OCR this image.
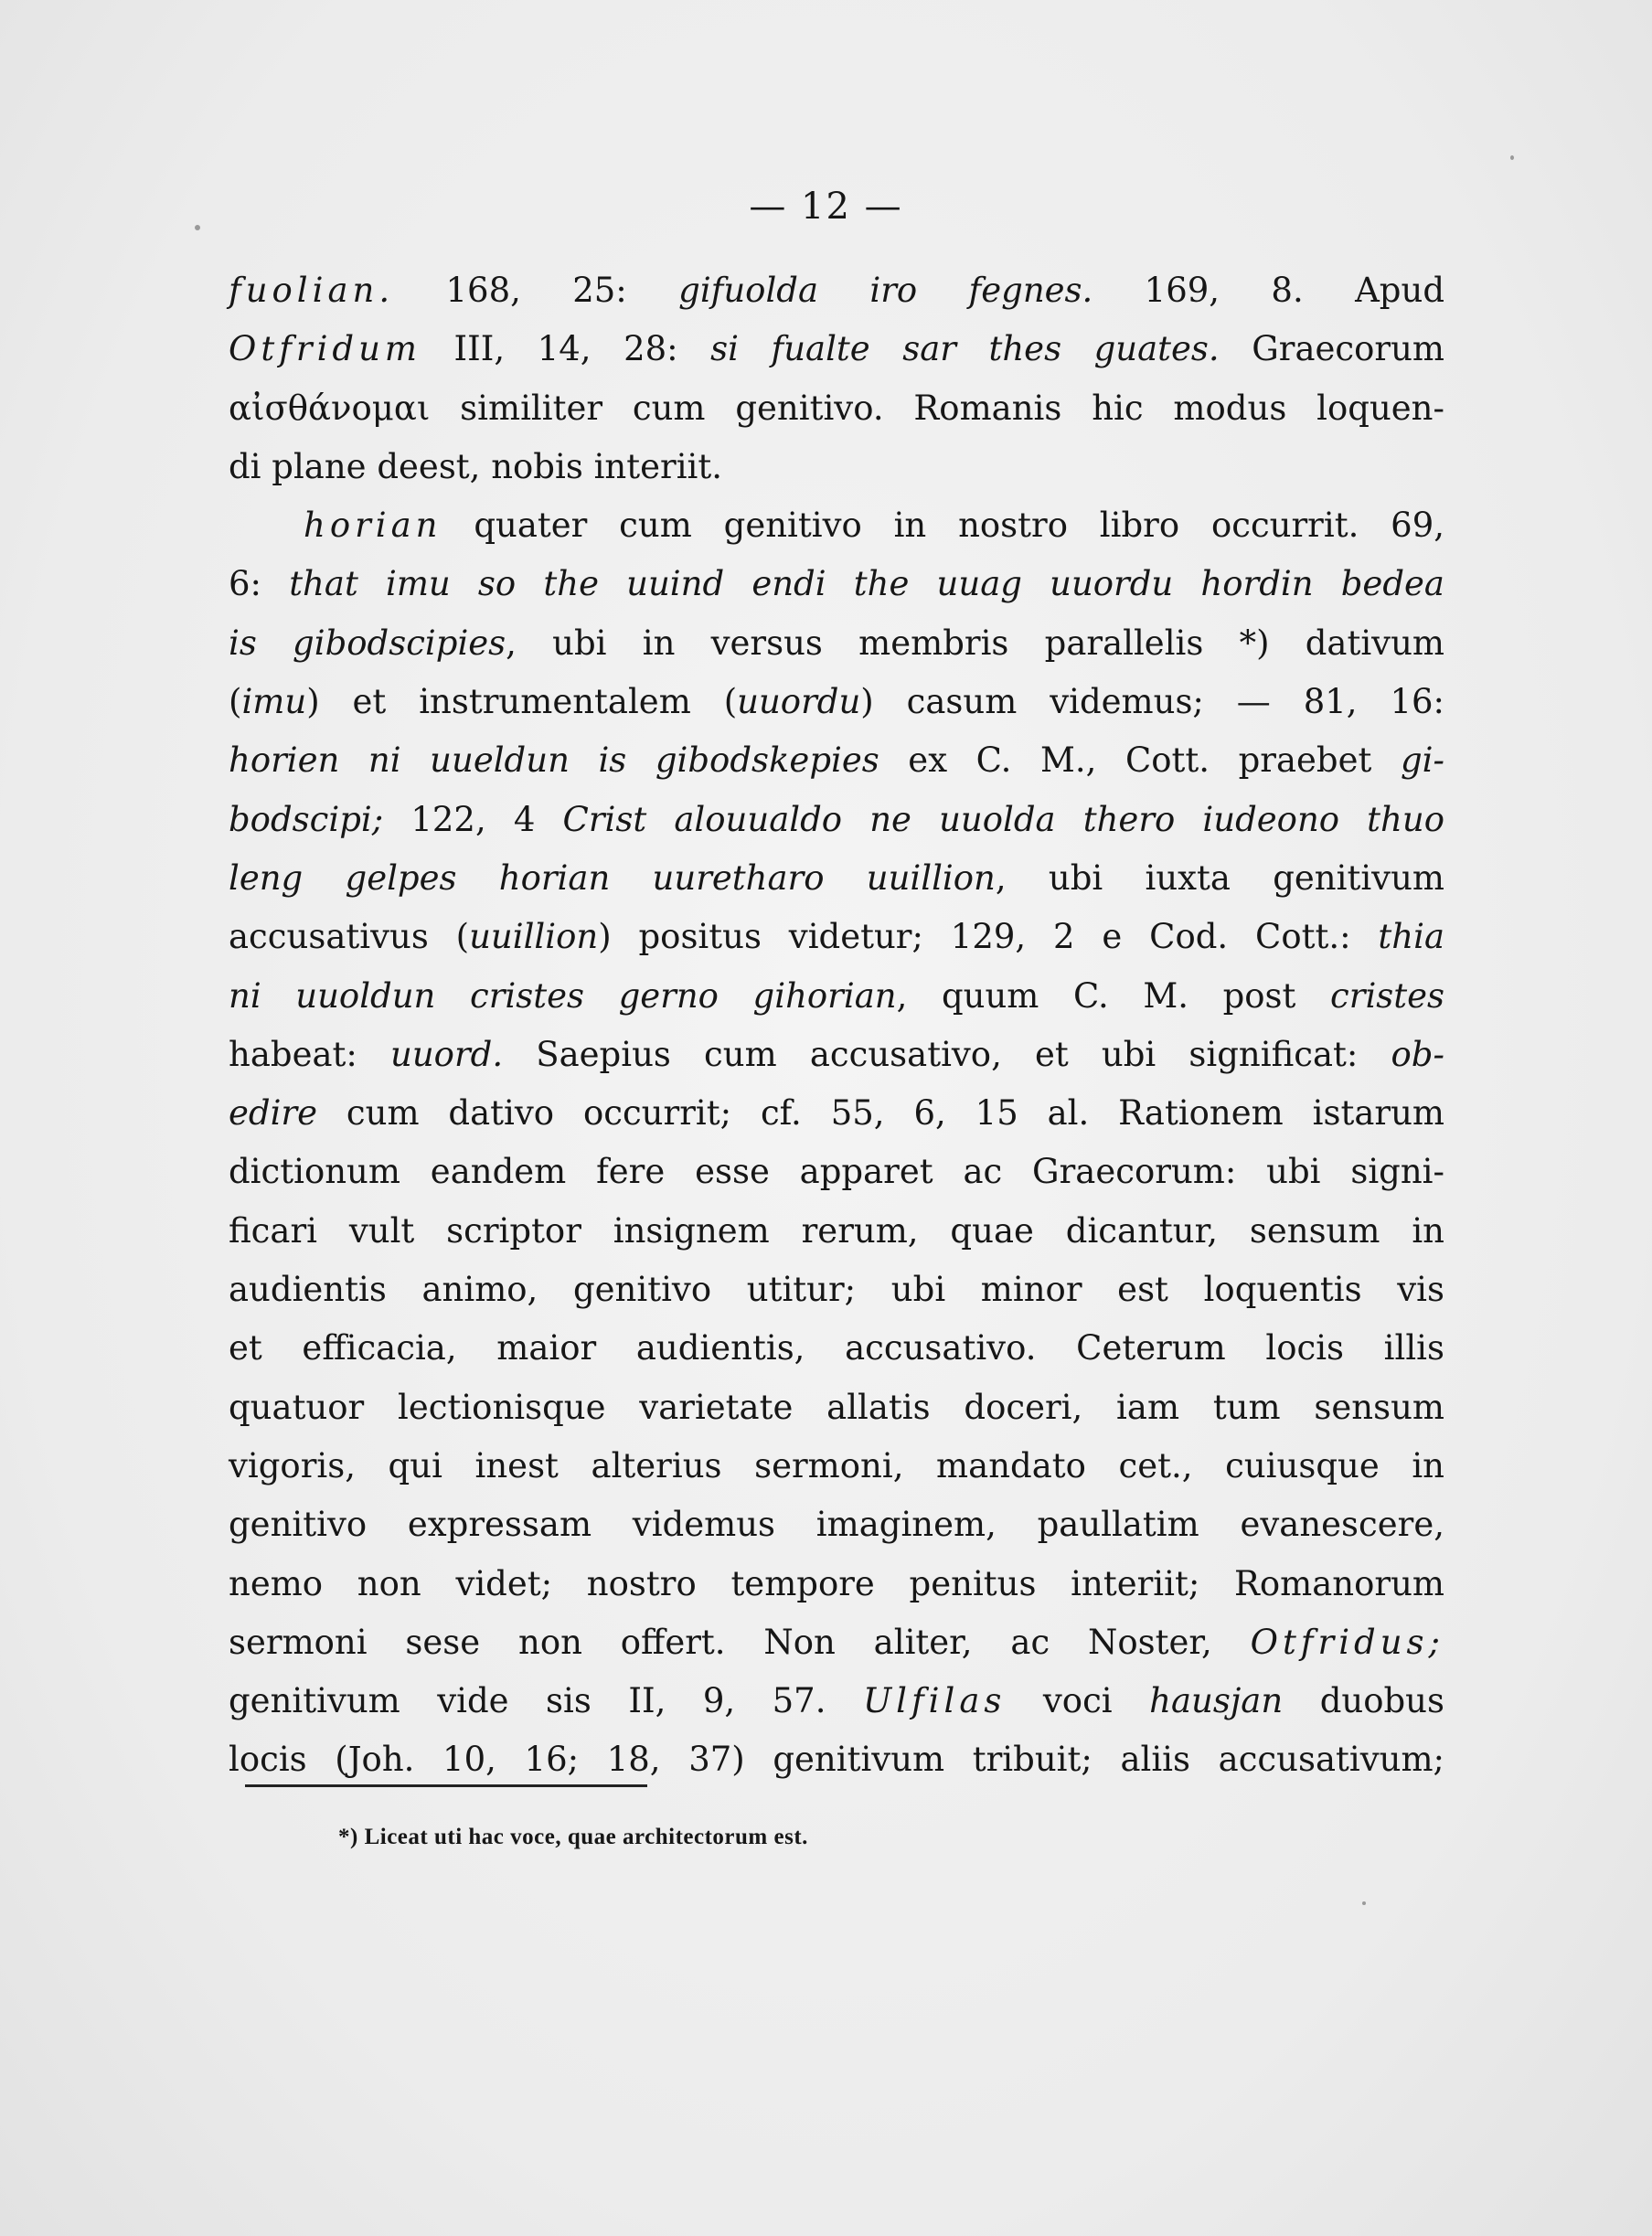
— 12 —
fuolian. 168, 25: gifuolda iro fegnes. 169, 8. Apud
Otfridum III, 14, 28: si fualte sar thes guates. Graecorum
αἰσθάνομαι similiter cum genitivo. Romanis hic modus loquen-
di plane deest, nobis interiit.
horian quater cum genitivo in nostro libro occurrit. 69,
6: that imu so the uuind endi the uuag uuordu hordin bedea
is gibodscipies, ubi in versus membris parallelis *) dativum
(imu) et instrumentalem (uuordu) casum videmus; — 81, 16:
horien ni uueldun is gibodskepies ex C. M., Cott. praebet gi-
bodscipi; 122, 4 Crist alouualdo ne uuolda thero iudeono thuo
leng gelpes horian uuretharo uuillion, ubi iuxta genitivum
accusativus (uuillion) positus videtur; 129, 2 e Cod. Cott.: thia
ni uuoldun cristes gerno gihorian, quum C. M. post cristes
habeat: uuord. Saepius cum accusativo, et ubi significat: ob-
edire cum dativo occurrit; cf. 55, 6, 15 al. Rationem istarum
dictionum eandem fere esse apparet ac Graecorum: ubi signi-
ficari vult scriptor insignem rerum, quae dicantur, sensum in
audientis animo, genitivo utitur; ubi minor est loquentis vis
et efficacia, maior audientis, accusativo. Ceterum locis illis
quatuor lectionisque varietate allatis doceri, iam tum sensum
vigoris, qui inest alterius sermoni, mandato cet., cuiusque in
genitivo expressam videmus imaginem, paullatim evanescere,
nemo non videt; nostro tempore penitus interiit; Romanorum
sermoni sese non offert. Non aliter, ac Noster, Otfridus;
genitivum vide sis II, 9, 57. Ulfilas voci hausjan duobus
locis (Joh. 10, 16; 18, 37) genitivum tribuit; aliis accusativum;
*) Liceat uti hac voce, quae architectorum est.
